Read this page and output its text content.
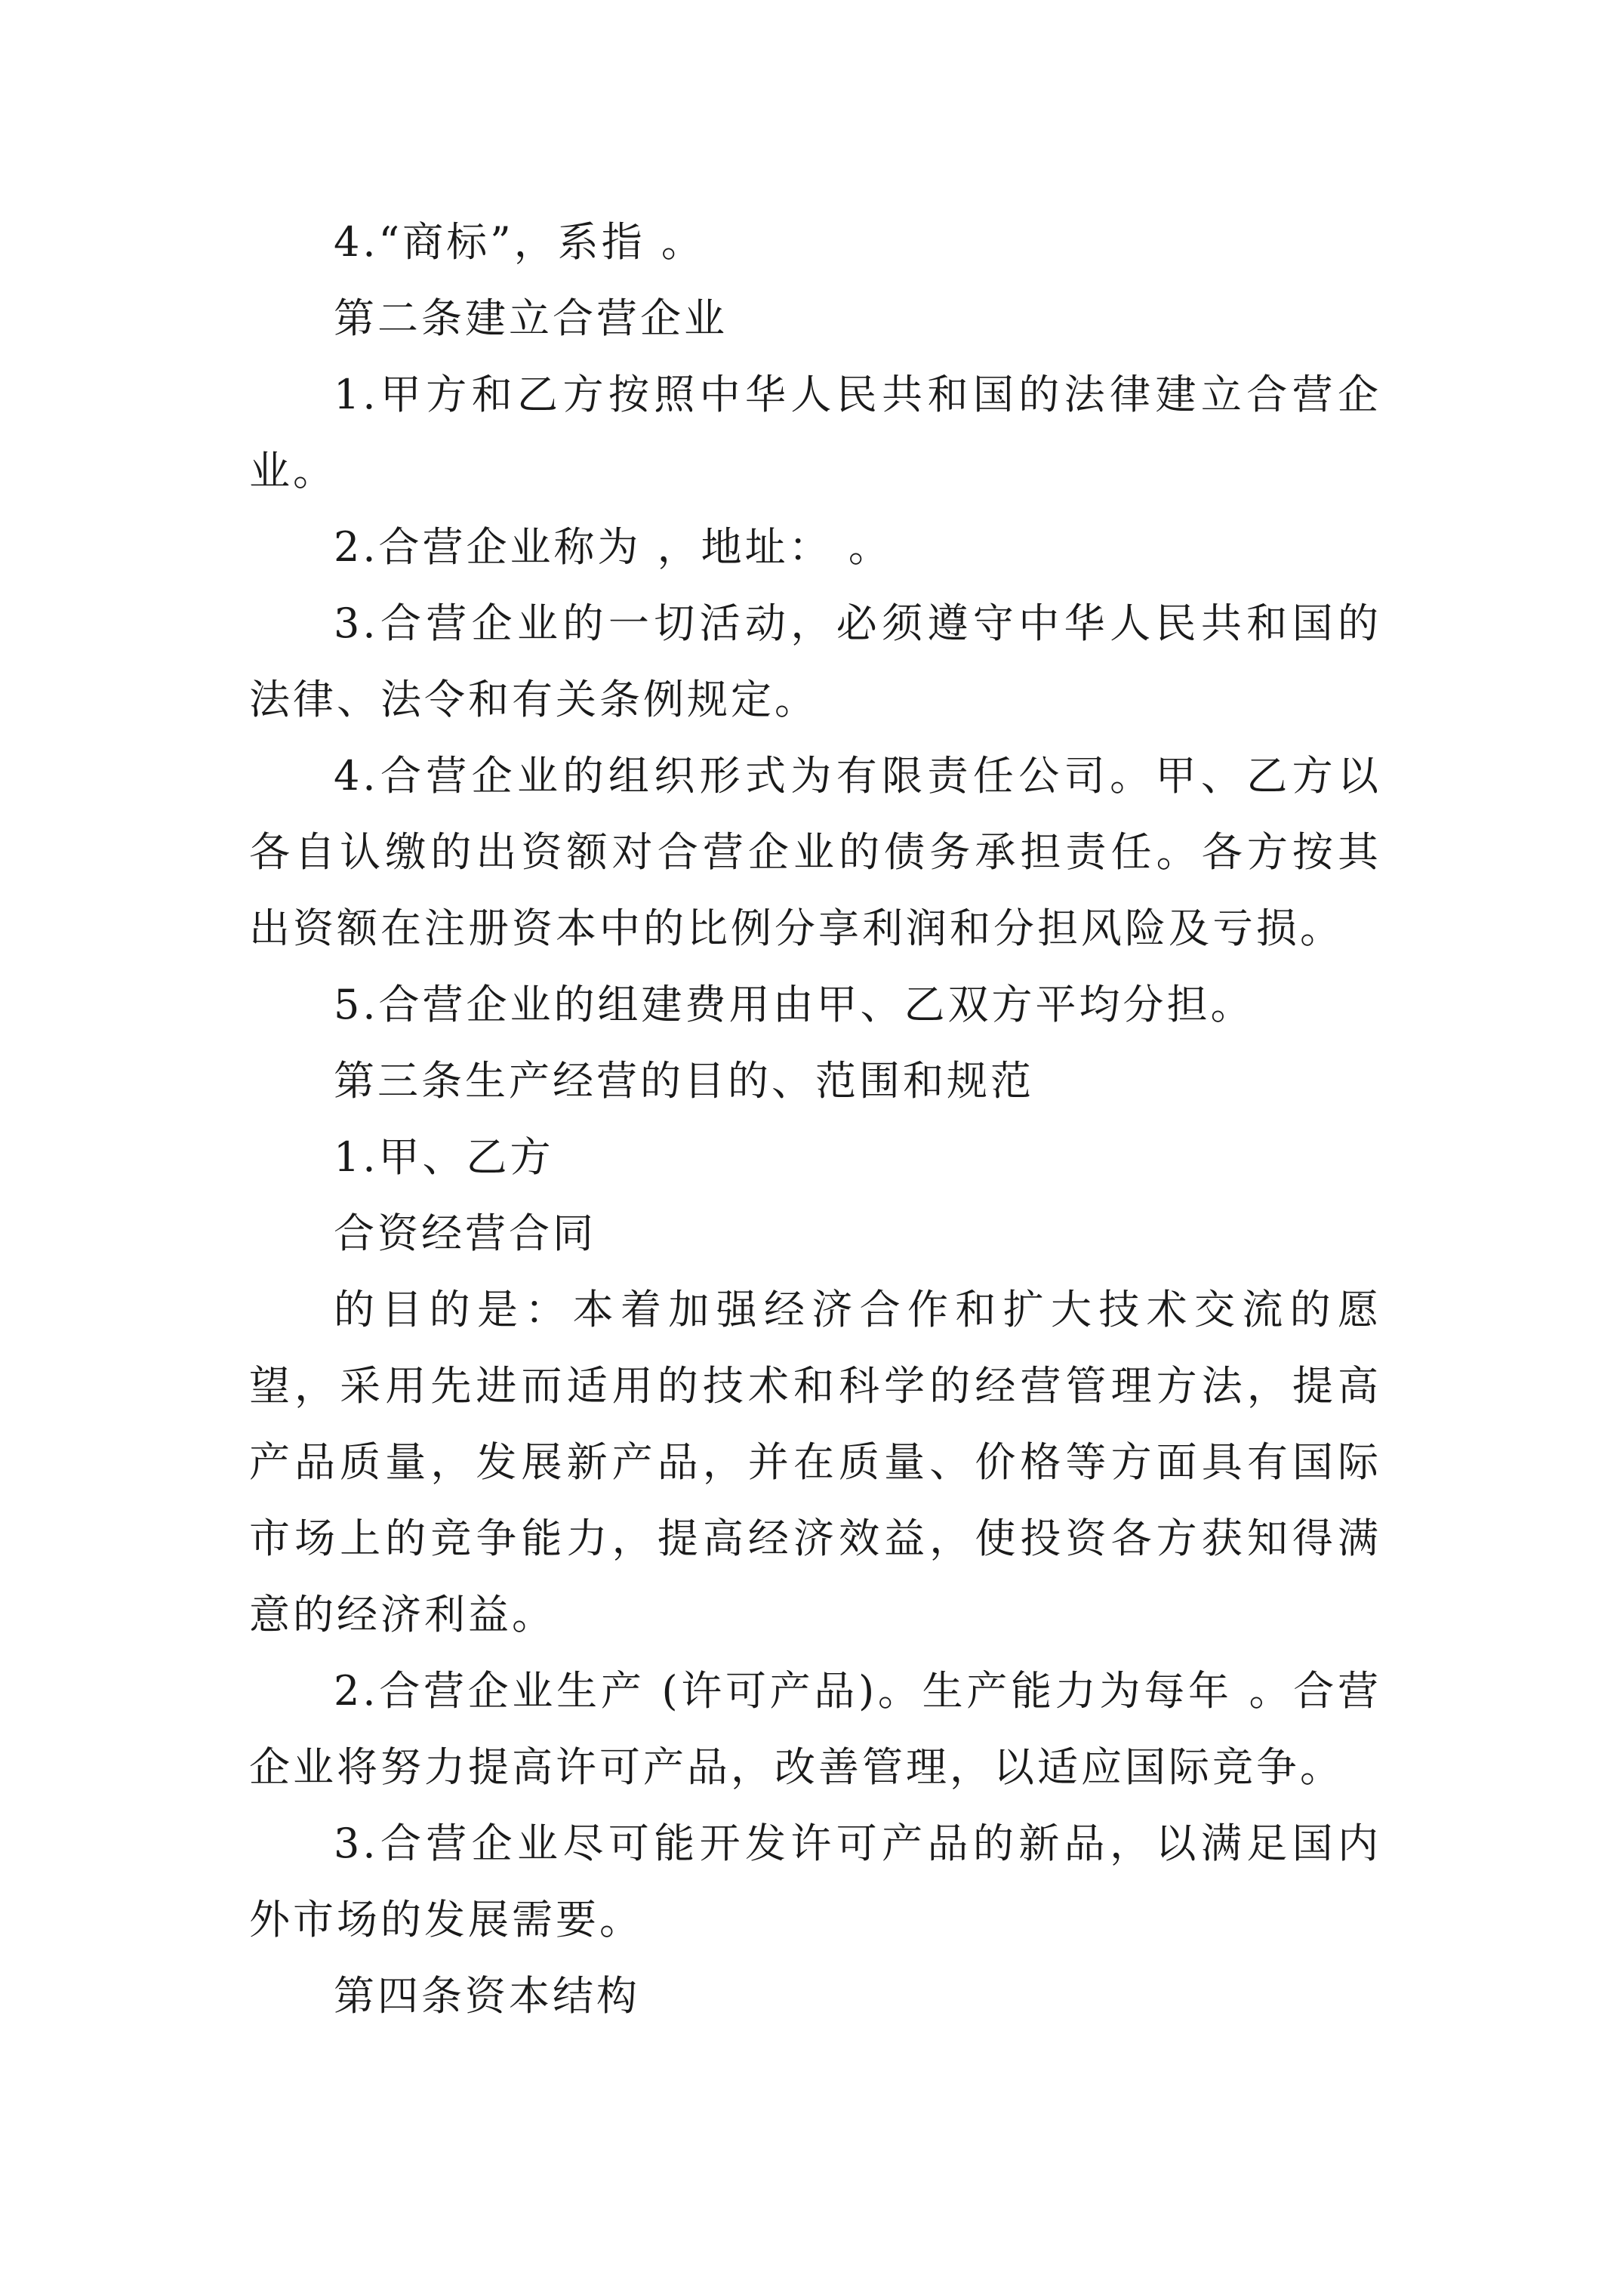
4.“商标”，系指 。

第二条建立合营企业

1.甲方和乙方按照中华人民共和国的法律建立合营企业。

2.合营企业称为 ，地址： 。

3.合营企业的一切活动，必须遵守中华人民共和国的法律、法令和有关条例规定。

4.合营企业的组织形式为有限责任公司。甲、乙方以各自认缴的出资额对合营企业的债务承担责任。各方按其出资额在注册资本中的比例分享利润和分担风险及亏损。

5.合营企业的组建费用由甲、乙双方平均分担。

第三条生产经营的目的、范围和规范

1.甲、乙方

合资经营合同

的目的是：本着加强经济合作和扩大技术交流的愿望，采用先进而适用的技术和科学的经营管理方法，提高产品质量，发展新产品，并在质量、价格等方面具有国际市场上的竞争能力，提高经济效益，使投资各方获知得满意的经济利益。

2.合营企业生产 (许可产品)。生产能力为每年 。合营企业将努力提高许可产品，改善管理，以适应国际竞争。

3.合营企业尽可能开发许可产品的新品，以满足国内外市场的发展需要。

第四条资本结构
